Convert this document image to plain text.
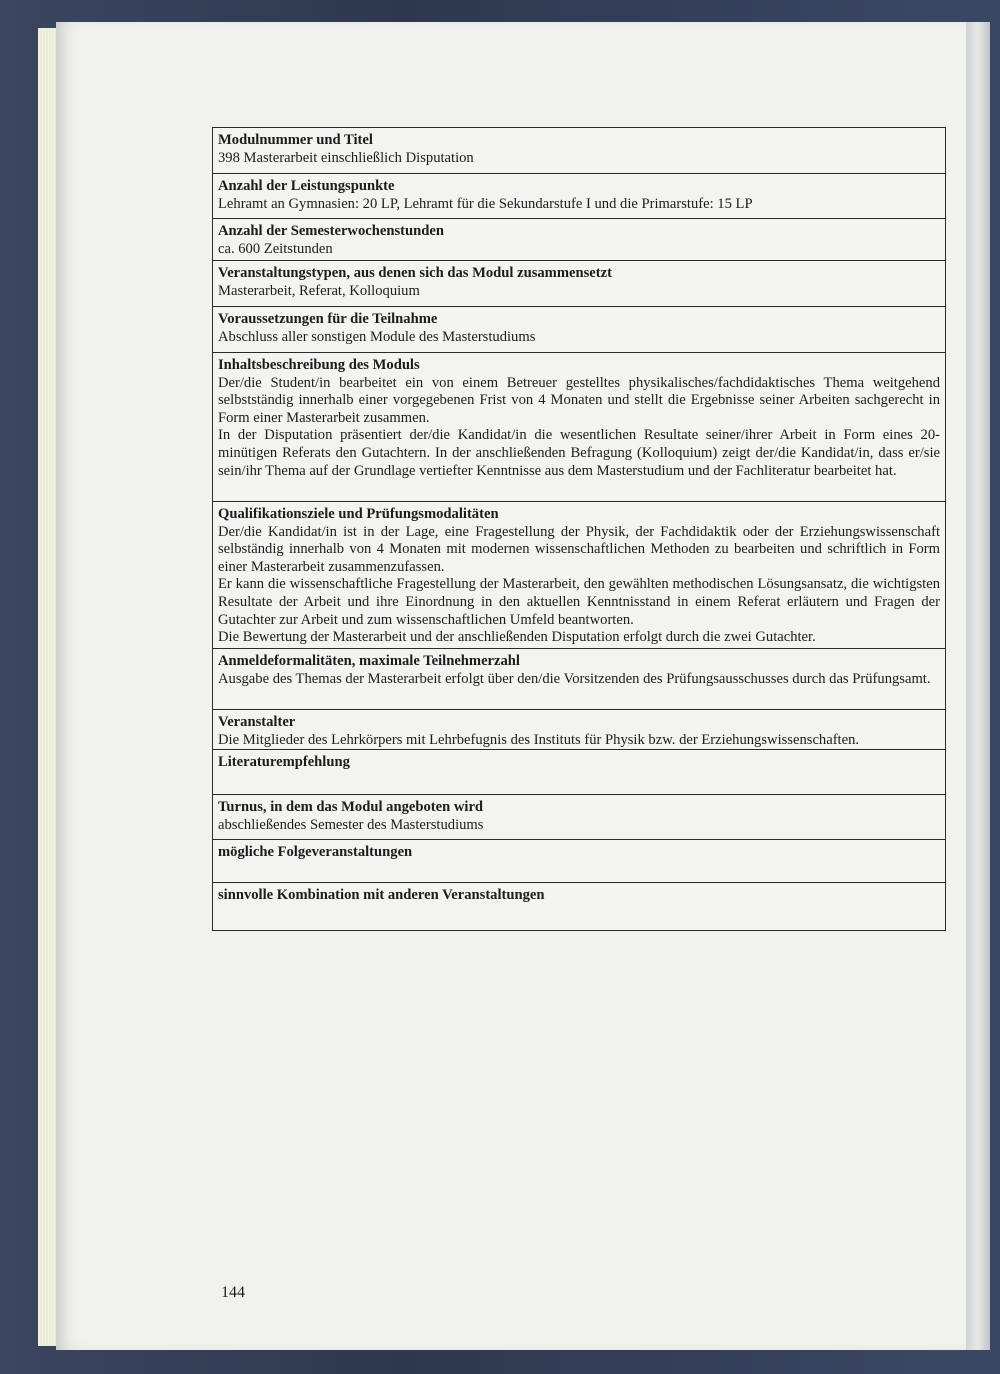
Modulnummer und Titel
398 Masterarbeit einschließlich Disputation
Anzahl der Leistungspunkte
Lehramt an Gymnasien: 20 LP, Lehramt für die Sekundarstufe I und die Primarstufe: 15 LP
Anzahl der Semesterwochenstunden
ca. 600 Zeitstunden
Veranstaltungstypen, aus denen sich das Modul zusammensetzt
Masterarbeit, Referat, Kolloquium
Voraussetzungen für die Teilnahme
Abschluss aller sonstigen Module des Masterstudiums
Inhaltsbeschreibung des Moduls
Der/die Student/in bearbeitet ein von einem Betreuer gestelltes physikalisches/fachdidaktisches Thema weitgehend selbstständig innerhalb einer vorgegebenen Frist von 4 Monaten und stellt die Ergebnisse seiner Arbeiten sachgerecht in Form einer Masterarbeit zusammen.
In der Disputation präsentiert der/die Kandidat/in die wesentlichen Resultate seiner/ihrer Arbeit in Form eines 20-minütigen Referats den Gutachtern. In der anschließenden Befragung (Kolloquium) zeigt der/die Kandidat/in, dass er/sie sein/ihr Thema auf der Grundlage vertiefter Kenntnisse aus dem Masterstudium und der Fachliteratur bearbeitet hat.
Qualifikationsziele und Prüfungsmodalitäten
Der/die Kandidat/in ist in der Lage, eine Fragestellung der Physik, der Fachdidaktik oder der Erziehungswissenschaft selbständig innerhalb von 4 Monaten mit modernen wissenschaftlichen Methoden zu bearbeiten und schriftlich in Form einer Masterarbeit zusammenzufassen.
Er kann die wissenschaftliche Fragestellung der Masterarbeit, den gewählten methodischen Lösungsansatz, die wichtigsten Resultate der Arbeit und ihre Einordnung in den aktuellen Kenntnisstand in einem Referat erläutern und Fragen der Gutachter zur Arbeit und zum wissenschaftlichen Umfeld beantworten.
Die Bewertung der Masterarbeit und der anschließenden Disputation erfolgt durch die zwei Gutachter.
Anmeldeformalitäten, maximale Teilnehmerzahl
Ausgabe des Themas der Masterarbeit erfolgt über den/die Vorsitzenden des Prüfungsausschusses durch das Prüfungsamt.
Veranstalter
Die Mitglieder des Lehrkörpers mit Lehrbefugnis des Instituts für Physik bzw. der Erziehungswissenschaften.
Literaturempfehlung
Turnus, in dem das Modul angeboten wird
abschließendes Semester des Masterstudiums
mögliche Folgeveranstaltungen
sinnvolle Kombination mit anderen Veranstaltungen
144
